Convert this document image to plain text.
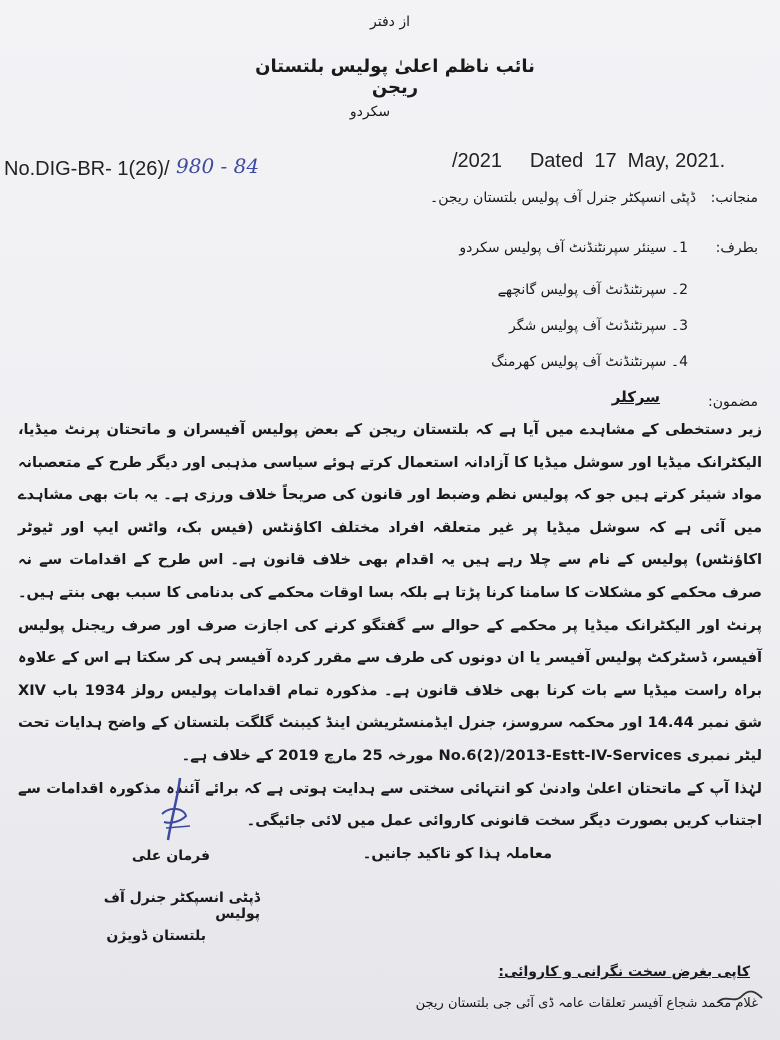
از دفتر
نائب ناظم اعلیٰ پولیس بلتستان ریجن
سکردو
No.DIG-BR- 1(26)/ 980 - 84	/2021     Dated  17  May, 2021.
منجانب: ڈپٹی انسپکٹر جنرل آف پولیس بلتستان ریجن۔
بطرف:
1۔ سینئر سپرنٹنڈنٹ آف پولیس سکردو
2۔ سپرنٹنڈنٹ آف پولیس گانچھے
3۔ سپرنٹنڈنٹ آف پولیس شگر
4۔ سپرنٹنڈنٹ آف پولیس کھرمنگ
مضمون:
سرکلر

زیر دستخطی کے مشاہدے میں آیا ہے کہ بلتستان ریجن کے بعض پولیس آفیسران و ماتحتان پرنٹ میڈیا، الیکٹرانک میڈیا اور سوشل میڈیا کا آزادانہ استعمال کرتے ہوئے سیاسی مذہبی اور دیگر طرح کے متعصبانہ مواد شیئر کرتے ہیں جو کہ پولیس نظم وضبط اور قانون کی صریحاً خلاف ورزی ہے۔ یہ بات بھی مشاہدے میں آئی ہے کہ سوشل میڈیا پر غیر متعلقہ افراد مختلف اکاؤنٹس (فیس بک، واٹس ایپ اور ٹیوٹر اکاؤنٹس) پولیس کے نام سے چلا رہے ہیں یہ اقدام بھی خلاف قانون ہے۔ اس طرح کے اقدامات سے نہ صرف محکمے کو مشکلات کا سامنا کرنا پڑتا ہے بلکہ بسا اوقات محکمے کی بدنامی کا سبب بھی بنتے ہیں۔ پرنٹ اور الیکٹرانک میڈیا پر محکمے کے حوالے سے گفتگو کرنے کی اجازت صرف اور صرف ریجنل پولیس آفیسر، ڈسٹرکٹ پولیس آفیسر یا ان دونوں کی طرف سے مقرر کردہ آفیسر ہی کر سکتا ہے اس کے علاوہ براہ راست میڈیا سے بات کرنا بھی خلاف قانون ہے۔ مذکورہ تمام اقدامات پولیس رولز 1934 باب XIV شق نمبر 14.44 اور محکمہ سروسز، جنرل ایڈمنسٹریشن اینڈ کیبنٹ گلگت بلتستان کے واضح ہدایات تحت لیٹر نمبری No.6(2)/2013-Estt-IV-Services مورخہ 25 مارچ 2019 کے خلاف ہے۔

لہٰذا آپ کے ماتحتان اعلیٰ وادنیٰ کو انتہائی سختی سے ہدایت ہوتی ہے کہ برائے آئندہ مذکورہ اقدامات سے اجتناب کریں بصورت دیگر سخت قانونی کاروائی عمل میں لائی جائیگی۔

معاملہ ہذا کو تاکید جانیں۔

فرمان علی
ڈپٹی انسپکٹر جنرل آف پولیس
بلتستان ڈویژن
کاپی بغرض سخت نگرانی و کاروائی:
غلام محمد شجاع آفیسر تعلقات عامہ ڈی آئی جی بلتستان ریجن
